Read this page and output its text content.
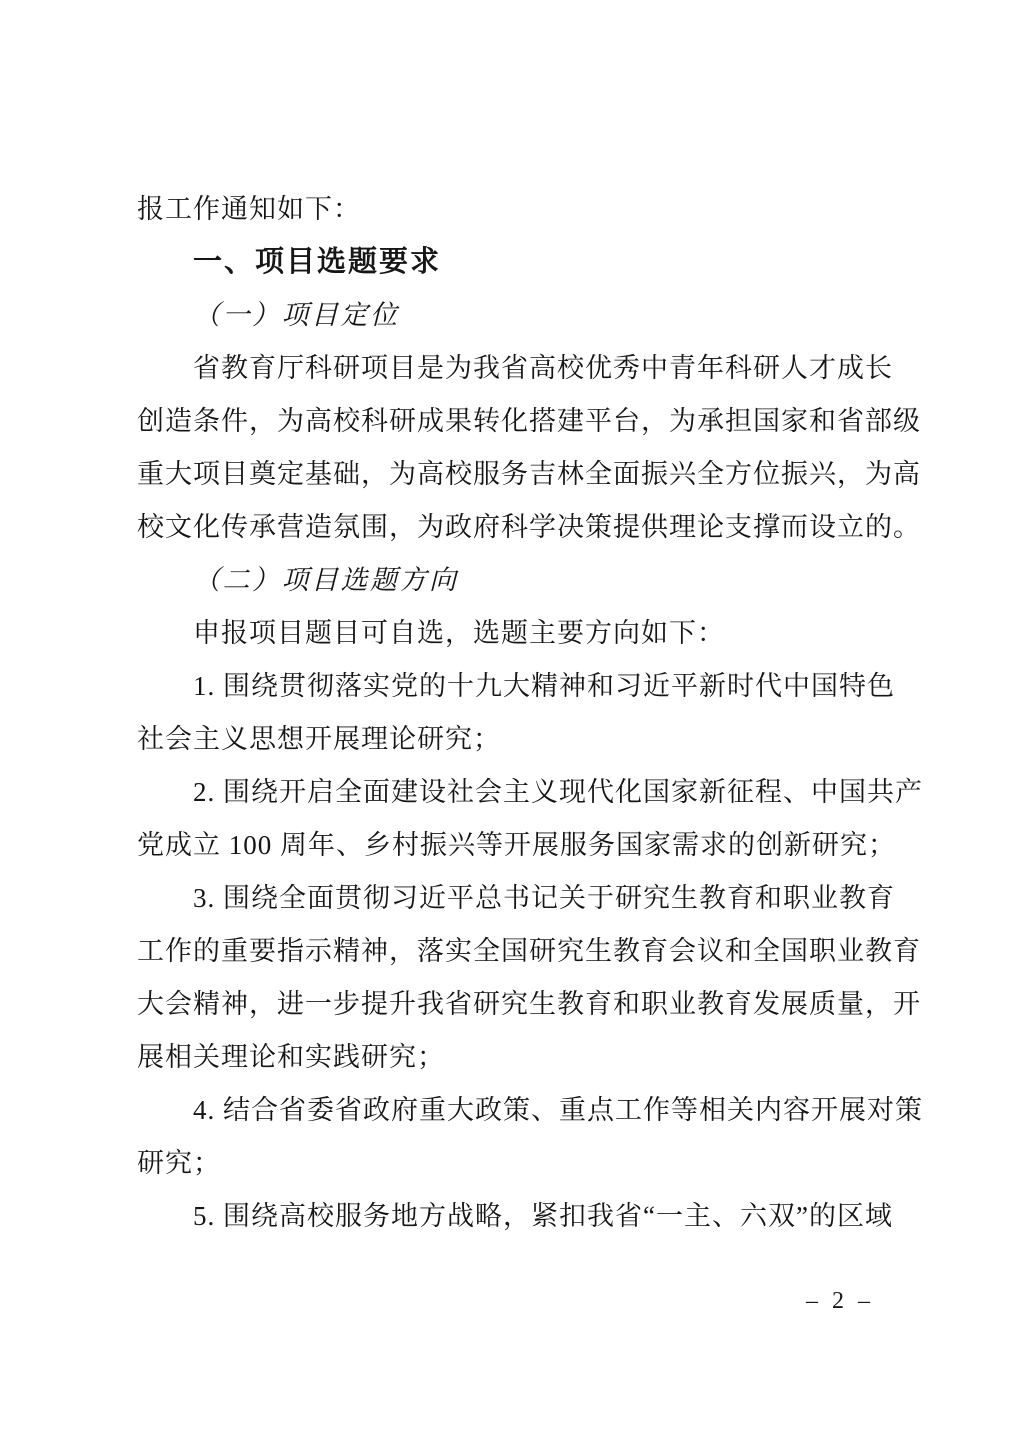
报工作通知如下：
一、项目选题要求
（一）项目定位
省教育厅科研项目是为我省高校优秀中青年科研人才成长
创造条件，为高校科研成果转化搭建平台，为承担国家和省部级
重大项目奠定基础，为高校服务吉林全面振兴全方位振兴，为高
校文化传承营造氛围，为政府科学决策提供理论支撑而设立的。
（二）项目选题方向
申报项目题目可自选，选题主要方向如下：
1. 围绕贯彻落实党的十九大精神和习近平新时代中国特色
社会主义思想开展理论研究；
2. 围绕开启全面建设社会主义现代化国家新征程、中国共产
党成立 100 周年、乡村振兴等开展服务国家需求的创新研究；
3. 围绕全面贯彻习近平总书记关于研究生教育和职业教育
工作的重要指示精神，落实全国研究生教育会议和全国职业教育
大会精神，进一步提升我省研究生教育和职业教育发展质量，开
展相关理论和实践研究；
4. 结合省委省政府重大政策、重点工作等相关内容开展对策
研究；
5. 围绕高校服务地方战略，紧扣我省“一主、六双”的区域
– 2 –
